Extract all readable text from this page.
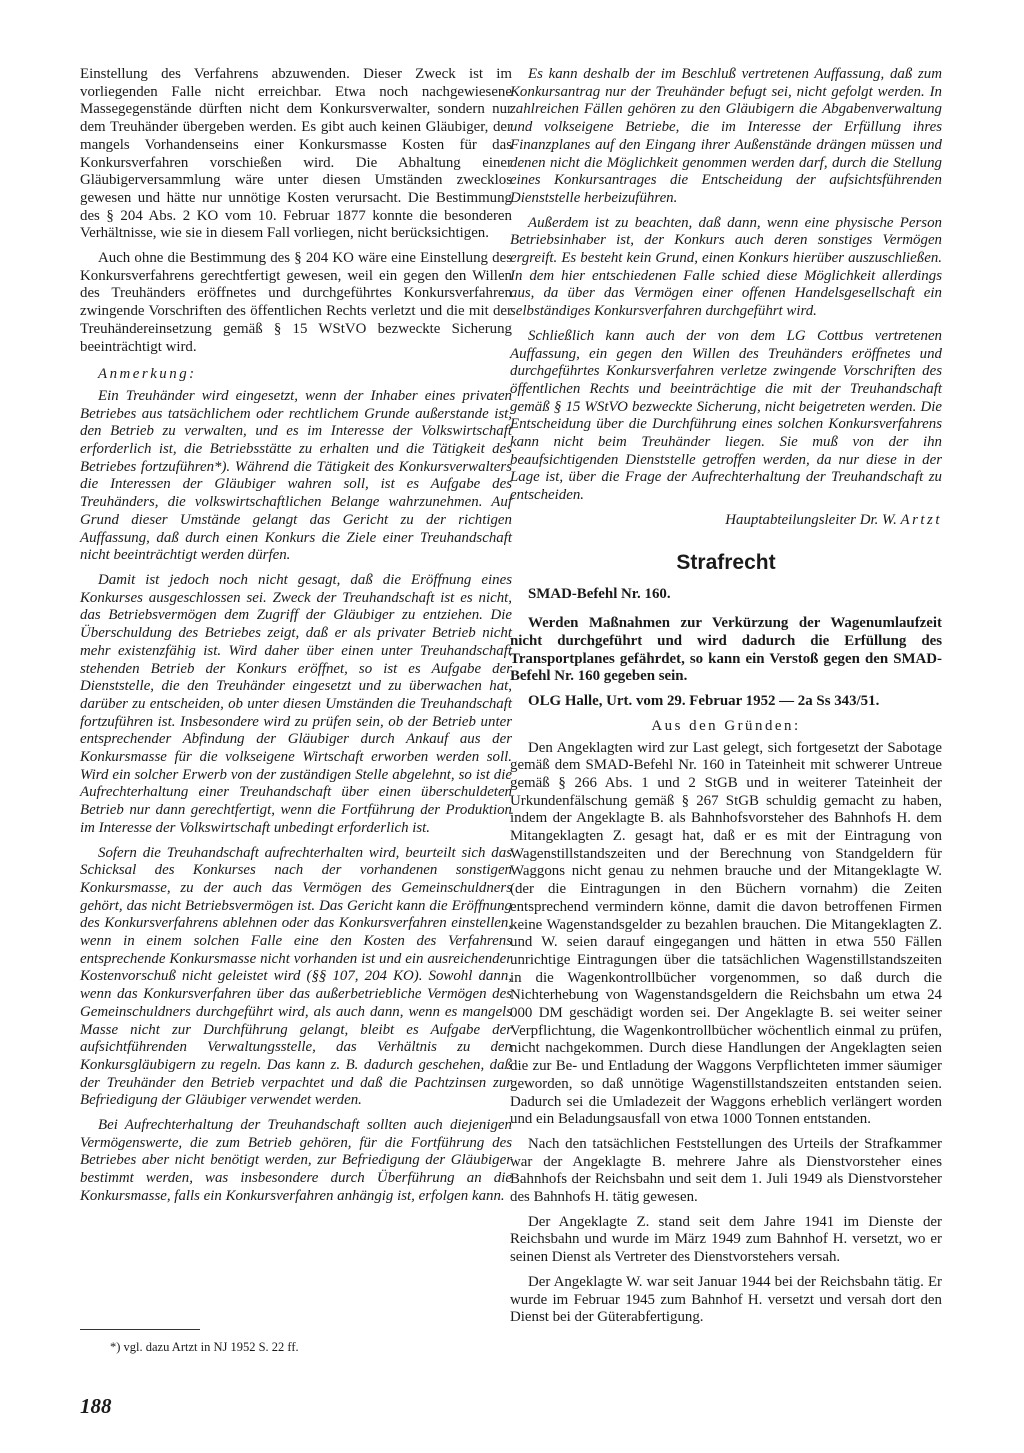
Einstellung des Verfahrens abzuwenden. Dieser Zweck ist im vorliegenden Falle nicht erreichbar. Etwa noch nachgewiesene Massegegenstände dürften nicht dem Konkursverwalter, sondern nur dem Treuhänder übergeben werden. Es gibt auch keinen Gläubiger, der mangels Vorhandenseins einer Konkursmasse Kosten für das Konkursverfahren vorschießen wird. Die Abhaltung einer Gläubigerversammlung wäre unter diesen Umständen zwecklos gewesen und hätte nur unnötige Kosten verursacht. Die Bestimmung des § 204 Abs. 2 KO vom 10. Februar 1877 konnte die besonderen Verhältnisse, wie sie in diesem Fall vorliegen, nicht berücksichtigen.

Auch ohne die Bestimmung des § 204 KO wäre eine Einstellung des Konkursverfahrens gerechtfertigt gewesen, weil ein gegen den Willen des Treuhänders eröffnetes und durchgeführtes Konkursverfahren zwingende Vorschriften des öffentlichen Rechts verletzt und die mit der Treuhändereinsetzung gemäß § 15 WStVO bezweckte Sicherung beeinträchtigt wird.

Anmerkung:

Ein Treuhänder wird eingesetzt, wenn der Inhaber eines privaten Betriebes aus tatsächlichem oder rechtlichem Grunde außerstande ist, den Betrieb zu verwalten, und es im Interesse der Volkswirtschaft erforderlich ist, die Betriebsstätte zu erhalten und die Tätigkeit des Betriebes fortzuführen*). Während die Tätigkeit des Konkursverwalters die Interessen der Gläubiger wahren soll, ist es Aufgabe des Treuhänders, die volkswirtschaftlichen Belange wahrzunehmen. Auf Grund dieser Umstände gelangt das Gericht zu der richtigen Auffassung, daß durch einen Konkurs die Ziele einer Treuhandschaft nicht beeinträchtigt werden dürfen.

Damit ist jedoch noch nicht gesagt, daß die Eröffnung eines Konkurses ausgeschlossen sei. Zweck der Treuhandschaft ist es nicht, das Betriebsvermögen dem Zugriff der Gläubiger zu entziehen. Die Überschuldung des Betriebes zeigt, daß er als privater Betrieb nicht mehr existenzfähig ist. Wird daher über einen unter Treuhandschaft stehenden Betrieb der Konkurs eröffnet, so ist es Aufgabe der Dienststelle, die den Treuhänder eingesetzt und zu überwachen hat, darüber zu entscheiden, ob unter diesen Umständen die Treuhandschaft fortzuführen ist. Insbesondere wird zu prüfen sein, ob der Betrieb unter entsprechender Abfindung der Gläubiger durch Ankauf aus der Konkursmasse für die volkseigene Wirtschaft erworben werden soll. Wird ein solcher Erwerb von der zuständigen Stelle abgelehnt, so ist die Aufrechterhaltung einer Treuhandschaft über einen überschuldeten Betrieb nur dann gerechtfertigt, wenn die Fortführung der Produktion im Interesse der Volkswirtschaft unbedingt erforderlich ist.

Sofern die Treuhandschaft aufrechterhalten wird, beurteilt sich das Schicksal des Konkurses nach der vorhandenen sonstigen Konkursmasse, zu der auch das Vermögen des Gemeinschuldners gehört, das nicht Betriebsvermögen ist. Das Gericht kann die Eröffnung des Konkursverfahrens ablehnen oder das Konkursverfahren einstellen, wenn in einem solchen Falle eine den Kosten des Verfahrens entsprechende Konkursmasse nicht vorhanden ist und ein ausreichender Kostenvorschuß nicht geleistet wird (§§ 107, 204 KO). Sowohl dann, wenn das Konkursverfahren über das außerbetriebliche Vermögen des Gemeinschuldners durchgeführt wird, als auch dann, wenn es mangels Masse nicht zur Durchführung gelangt, bleibt es Aufgabe der aufsichtführenden Verwaltungsstelle, das Verhältnis zu den Konkursgläubigern zu regeln. Das kann z. B. dadurch geschehen, daß der Treuhänder den Betrieb verpachtet und daß die Pachtzinsen zur Befriedigung der Gläubiger verwendet werden.

Bei Aufrechterhaltung der Treuhandschaft sollten auch diejenigen Vermögenswerte, die zum Betrieb gehören, für die Fortführung des Betriebes aber nicht benötigt werden, zur Befriedigung der Gläubiger bestimmt werden, was insbesondere durch Überführung an die Konkursmasse, falls ein Konkursverfahren anhängig ist, erfolgen kann.

Es kann deshalb der im Beschluß vertretenen Auffassung, daß zum Konkursantrag nur der Treuhänder befugt sei, nicht gefolgt werden. In zahlreichen Fällen gehören zu den Gläubigern die Abgabenverwaltung und volkseigene Betriebe, die im Interesse der Erfüllung ihres Finanzplanes auf den Eingang ihrer Außenstände drängen müssen und denen nicht die Möglichkeit genommen werden darf, durch die Stellung eines Konkursantrages die Entscheidung der aufsichtsführenden Dienststelle herbeizuführen.

Außerdem ist zu beachten, daß dann, wenn eine physische Person Betriebsinhaber ist, der Konkurs auch deren sonstiges Vermögen ergreift. Es besteht kein Grund, einen Konkurs hierüber auszuschließen. In dem hier entschiedenen Falle schied diese Möglichkeit allerdings aus, da über das Vermögen einer offenen Handelsgesellschaft ein selbständiges Konkursverfahren durchgeführt wird.

Schließlich kann auch der von dem LG Cottbus vertretenen Auffassung, ein gegen den Willen des Treuhänders eröffnetes und durchgeführtes Konkursverfahren verletze zwingende Vorschriften des öffentlichen Rechts und beeinträchtige die mit der Treuhandschaft gemäß § 15 WStVO bezweckte Sicherung, nicht beigetreten werden. Die Entscheidung über die Durchführung eines solchen Konkursverfahrens kann nicht beim Treuhänder liegen. Sie muß von der ihn beaufsichtigenden Dienststelle getroffen werden, da nur diese in der Lage ist, über die Frage der Aufrechterhaltung der Treuhandschaft zu entscheiden.

Hauptabteilungsleiter Dr. W. Artzt
Strafrecht
SMAD-Befehl Nr. 160.

Werden Maßnahmen zur Verkürzung der Wagenumlaufzeit nicht durchgeführt und wird dadurch die Erfüllung des Transportplanes gefährdet, so kann ein Verstoß gegen den SMAD-Befehl Nr. 160 gegeben sein.

OLG Halle, Urt. vom 29. Februar 1952 — 2a Ss 343/51.

Aus den Gründen:

Den Angeklagten wird zur Last gelegt, sich fortgesetzt der Sabotage gemäß dem SMAD-Befehl Nr. 160 in Tateinheit mit schwerer Untreue gemäß § 266 Abs. 1 und 2 StGB und in weiterer Tateinheit der Urkundenfälschung gemäß § 267 StGB schuldig gemacht zu haben, indem der Angeklagte B. als Bahnhofsvorsteher des Bahnhofs H. dem Mitangeklagten Z. gesagt hat, daß er es mit der Eintragung von Wagenstillstandszeiten und der Berechnung von Standgeldern für Waggons nicht genau zu nehmen brauche und der Mitangeklagte W. (der die Eintragungen in den Büchern vornahm) die Zeiten entsprechend vermindern könne, damit die davon betroffenen Firmen keine Wagenstandsgelder zu bezahlen brauchen. Die Mitangeklagten Z. und W. seien darauf eingegangen und hätten in etwa 550 Fällen unrichtige Eintragungen über die tatsächlichen Wagenstillstandszeiten in die Wagenkontrollbücher vorgenommen, so daß durch die Nichterhebung von Wagenstandsgeldern die Reichsbahn um etwa 24 000 DM geschädigt worden sei. Der Angeklagte B. sei weiter seiner Verpflichtung, die Wagenkontrollbücher wöchentlich einmal zu prüfen, nicht nachgekommen. Durch diese Handlungen der Angeklagten seien die zur Be- und Entladung der Waggons Verpflichteten immer säumiger geworden, so daß unnötige Wagenstillstandszeiten entstanden seien. Dadurch sei die Umladezeit der Waggons erheblich verlängert worden und ein Beladungsausfall von etwa 1000 Tonnen entstanden.

Nach den tatsächlichen Feststellungen des Urteils der Strafkammer war der Angeklagte B. mehrere Jahre als Dienstvorsteher eines Bahnhofs der Reichsbahn und seit dem 1. Juli 1949 als Dienstvorsteher des Bahnhofs H. tätig gewesen.

Der Angeklagte Z. stand seit dem Jahre 1941 im Dienste der Reichsbahn und wurde im März 1949 zum Bahnhof H. versetzt, wo er seinen Dienst als Vertreter des Dienstvorstehers versah.

Der Angeklagte W. war seit Januar 1944 bei der Reichsbahn tätig. Er wurde im Februar 1945 zum Bahnhof H. versetzt und versah dort den Dienst bei der Güterabfertigung.

*) vgl. dazu Artzt in NJ 1952 S. 22 ff.
188
